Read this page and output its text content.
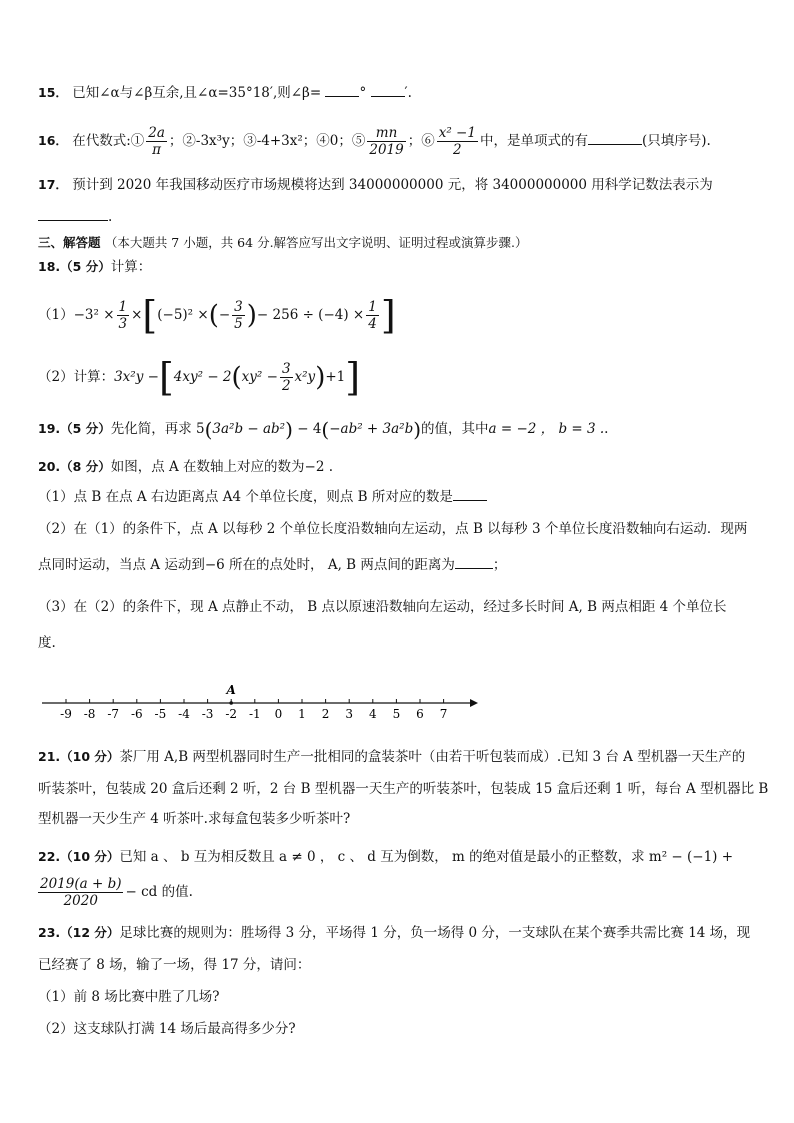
15． 已知∠α与∠β互余,且∠α=35°18′,则∠β=	°	′.
16． 在代数式:① $\frac{2a}{\pi}$ ；②-3x³y；③-4+3x²；④0；⑤ $\frac{mn}{2019}$ ；⑥ $\frac{\text{x² −1}}{2}$ 中，是单项式的有	(只填序号).
17． 预计到 2020 年我国移动医疗市场规模将达到 34000000000 元，将 34000000000 用科学记数法表示为
.
三、解答题 （本大题共 7 小题，共 64 分.解答应写出文字说明、证明过程或演算步骤.）
18.（5 分）计算：
$(1)-3^2 \times \frac{1}{3} \times[(-5)^2$ ×(− $\frac{3}{5}$ )− $256 \div (-4) \times \frac{1}{4}$ ]
（2）计算：$3x^2y -[4xy^2 - 2(xy^2 - \frac{3}{2} x^2y)+1]$
19.（5 分）先化简，再求 5(3a²b − ab²) − 4(−ab² + 3a²b)的值，其中a = −2 ， b = 3 ..
20.（8 分）如图，点 A 在数轴上对应的数为−2 .
（1）点 B 在点 A 右边距离点 A4 个单位长度，则点 B 所对应的数是
（2）在（1）的条件下，点 A 以每秒 2 个单位长度沿数轴向左运动，点 B 以每秒 3 个单位长度沿数轴向右运动．现两
点同时运动，当点 A 运动到−6 所在的点处时， A, B 两点间的距离为	；
（3）在（2）的条件下，现 A 点静止不动， B 点以原速沿数轴向左运动，经过多长时间 A, B 两点相距 4 个单位长
度.
-9 -8 -7 -6 -5 -4 -3 -2 -1 0 1 2 3 4 5 6 7
A
21.（10 分）茶厂用 A,B 两型机器同时生产一批相同的盒装茶叶（由若干听包装而成）.已知 3 台 A 型机器一天生产的
听装茶叶，包装成 20 盒后还剩 2 听，2 台 B 型机器一天生产的听装茶叶，包装成 15 盒后还剩 1 听，每台 A 型机器比 B
型机器一天少生产 4 听茶叶.求每盒包装多少听茶叶?
22.（10 分）已知 a 、 b 互为相反数且 a ≠ 0 ， c 、 d 互为倒数， m 的绝对值是最小的正整数，求 m² − (−1) +
$\frac{2019(a + b)}{2020}$ − cd 的值.
23.（12 分）足球比赛的规则为：胜场得 3 分，平场得 1 分，负一场得 0 分，一支球队在某个赛季共需比赛 14 场，现
已经赛了 8 场，输了一场，得 17 分，请问：
（1）前 8 场比赛中胜了几场?
（2）这支球队打满 14 场后最高得多少分?
